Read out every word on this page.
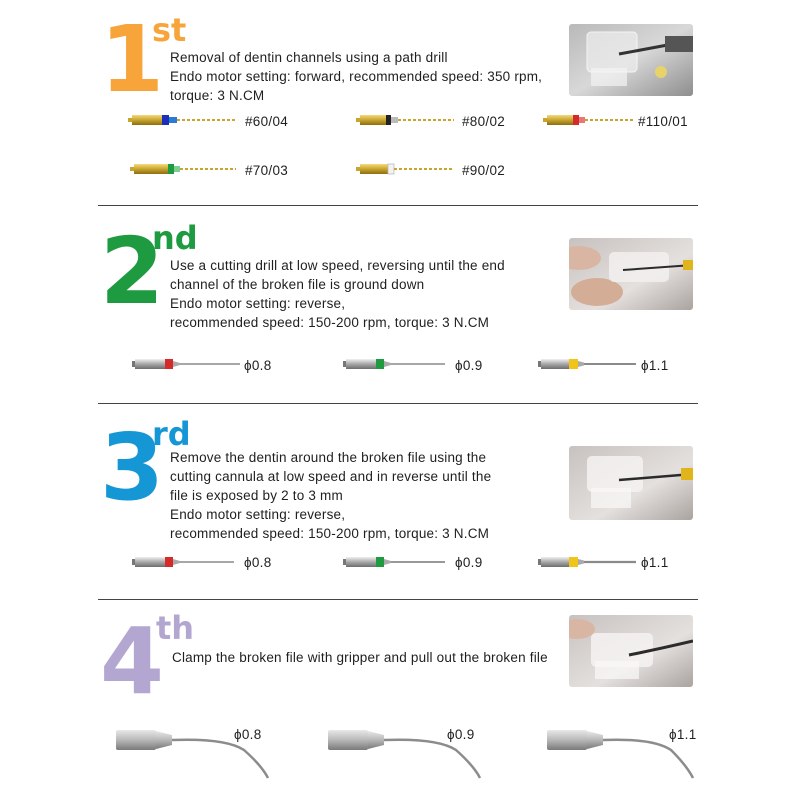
1
st
Removal of dentin channels using a path drill
Endo motor setting: forward, recommended speed: 350 rpm,
torque: 3 N.CM
#60/04	#80/02	#110/01
#70/03	#90/02
2
nd
Use a cutting drill at low speed, reversing until the end
channel of the broken file is ground down
Endo motor setting: reverse,
recommended speed: 150-200 rpm, torque: 3 N.CM
ϕ0.8	ϕ0.9	ϕ1.1
3
rd
Remove the dentin around the broken file using the
cutting cannula at low speed and in reverse until the
file is exposed by 2 to 3 mm
Endo motor setting: reverse,
recommended speed: 150-200 rpm, torque: 3 N.CM
ϕ0.8	ϕ0.9	ϕ1.1
4
th
Clamp the broken file with gripper and pull out the broken file
ϕ0.8	ϕ0.9	ϕ1.1
